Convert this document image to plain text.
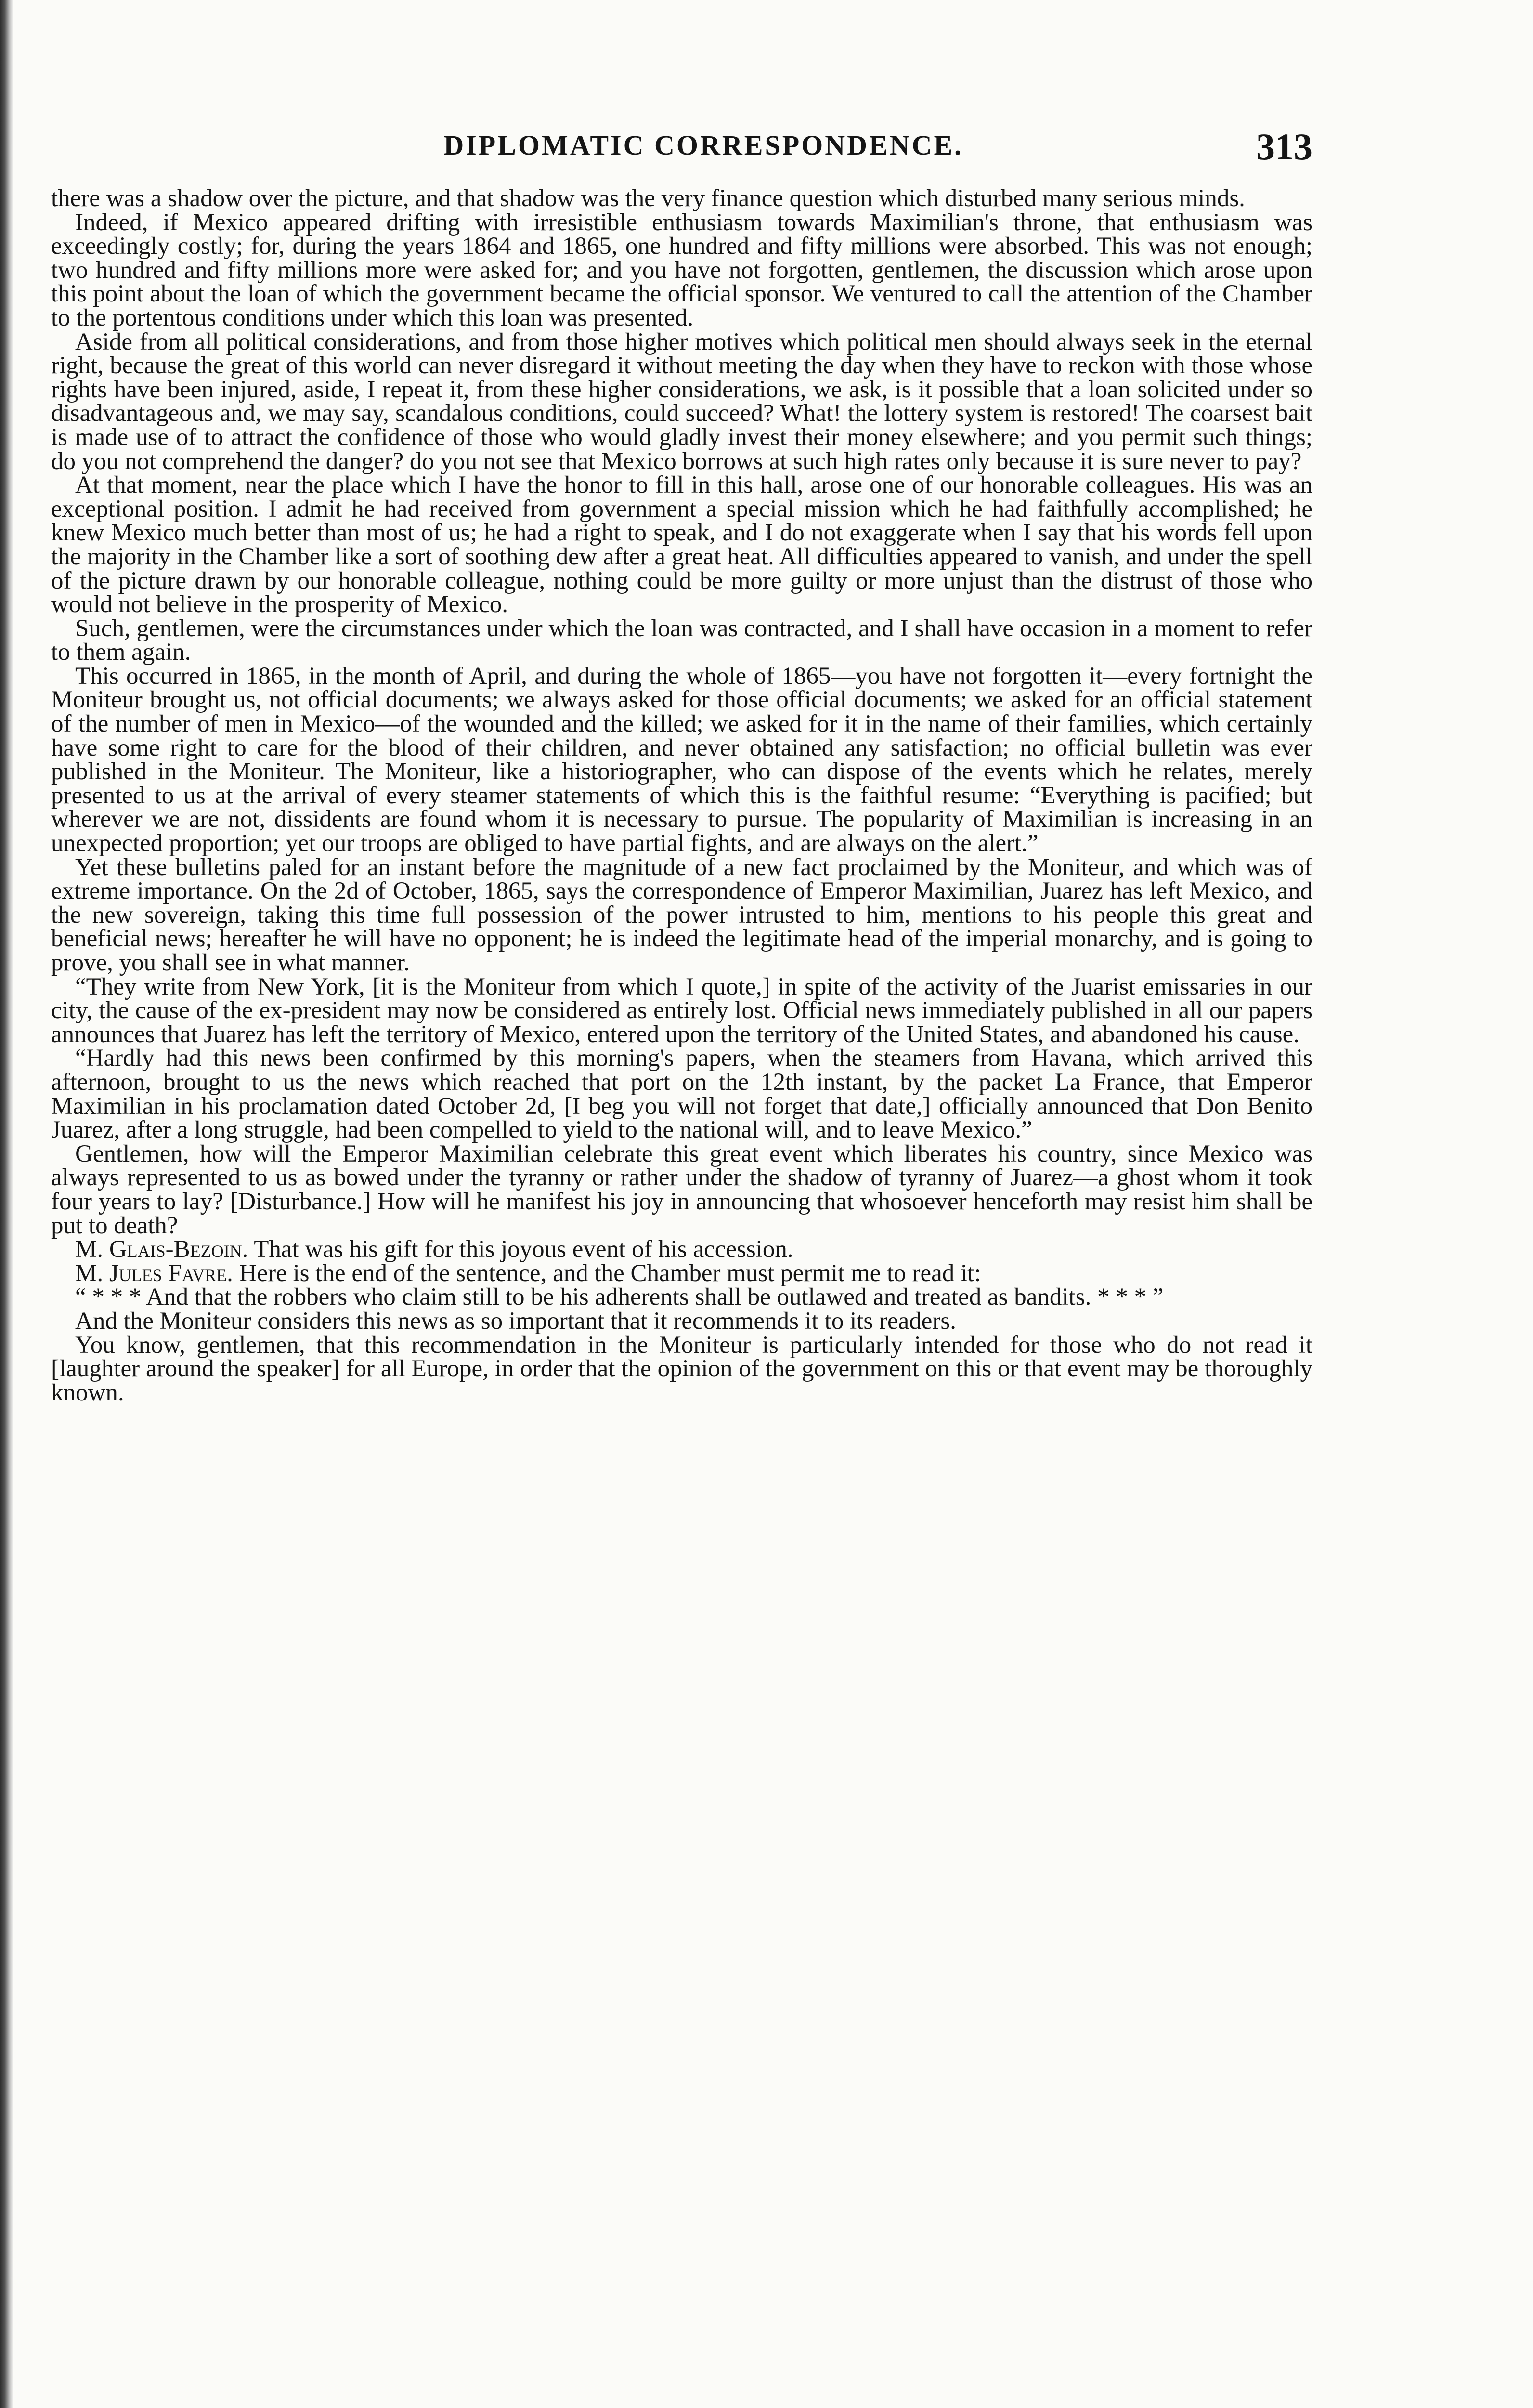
DIPLOMATIC CORRESPONDENCE.	313

there was a shadow over the picture, and that shadow was the very finance question which disturbed many serious minds.

Indeed, if Mexico appeared drifting with irresistible enthusiasm towards Maximilian's throne, that enthusiasm was exceedingly costly; for, during the years 1864 and 1865, one hundred and fifty millions were absorbed. This was not enough; two hundred and fifty millions more were asked for; and you have not forgotten, gentlemen, the discussion which arose upon this point about the loan of which the government became the official sponsor. We ventured to call the attention of the Chamber to the portentous conditions under which this loan was presented.

Aside from all political considerations, and from those higher motives which political men should always seek in the eternal right, because the great of this world can never disregard it without meeting the day when they have to reckon with those whose rights have been injured, aside, I repeat it, from these higher considerations, we ask, is it possible that a loan solicited under so disadvantageous and, we may say, scandalous conditions, could succeed? What! the lottery system is restored! The coarsest bait is made use of to attract the confidence of those who would gladly invest their money elsewhere; and you permit such things; do you not comprehend the danger? do you not see that Mexico borrows at such high rates only because it is sure never to pay?

At that moment, near the place which I have the honor to fill in this hall, arose one of our honorable colleagues. His was an exceptional position. I admit he had received from government a special mission which he had faithfully accomplished; he knew Mexico much better than most of us; he had a right to speak, and I do not exaggerate when I say that his words fell upon the majority in the Chamber like a sort of soothing dew after a great heat. All difficulties appeared to vanish, and under the spell of the picture drawn by our honorable colleague, nothing could be more guilty or more unjust than the distrust of those who would not believe in the prosperity of Mexico.

Such, gentlemen, were the circumstances under which the loan was contracted, and I shall have occasion in a moment to refer to them again.

This occurred in 1865, in the month of April, and during the whole of 1865—you have not forgotten it—every fortnight the Moniteur brought us, not official documents; we always asked for those official documents; we asked for an official statement of the number of men in Mexico—of the wounded and the killed; we asked for it in the name of their families, which certainly have some right to care for the blood of their children, and never obtained any satisfaction; no official bulletin was ever published in the Moniteur. The Moniteur, like a historiographer, who can dispose of the events which he relates, merely presented to us at the arrival of every steamer statements of which this is the faithful resume: “Everything is pacified; but wherever we are not, dissidents are found whom it is necessary to pursue. The popularity of Maximilian is increasing in an unexpected proportion; yet our troops are obliged to have partial fights, and are always on the alert.”

Yet these bulletins paled for an instant before the magnitude of a new fact proclaimed by the Moniteur, and which was of extreme importance. On the 2d of October, 1865, says the correspondence of Emperor Maximilian, Juarez has left Mexico, and the new sovereign, taking this time full possession of the power intrusted to him, mentions to his people this great and beneficial news; hereafter he will have no opponent; he is indeed the legitimate head of the imperial monarchy, and is going to prove, you shall see in what manner.

“They write from New York, [it is the Moniteur from which I quote,] in spite of the activity of the Juarist emissaries in our city, the cause of the ex-president may now be considered as entirely lost. Official news immediately published in all our papers announces that Juarez has left the territory of Mexico, entered upon the territory of the United States, and abandoned his cause.

“Hardly had this news been confirmed by this morning's papers, when the steamers from Havana, which arrived this afternoon, brought to us the news which reached that port on the 12th instant, by the packet La France, that Emperor Maximilian in his proclamation dated October 2d, [I beg you will not forget that date,] officially announced that Don Benito Juarez, after a long struggle, had been compelled to yield to the national will, and to leave Mexico.”

Gentlemen, how will the Emperor Maximilian celebrate this great event which liberates his country, since Mexico was always represented to us as bowed under the tyranny or rather under the shadow of tyranny of Juarez—a ghost whom it took four years to lay? [Disturbance.] How will he manifest his joy in announcing that whosoever henceforth may resist him shall be put to death?

M. Glais-Bezoin. That was his gift for this joyous event of his accession.

M. Jules Favre. Here is the end of the sentence, and the Chamber must permit me to read it:

“ * * * And that the robbers who claim still to be his adherents shall be outlawed and treated as bandits. * * * ”

And the Moniteur considers this news as so important that it recommends it to its readers.

You know, gentlemen, that this recommendation in the Moniteur is particularly intended for those who do not read it [laughter around the speaker] for all Europe, in order that the opinion of the government on this or that event may be thoroughly known.
